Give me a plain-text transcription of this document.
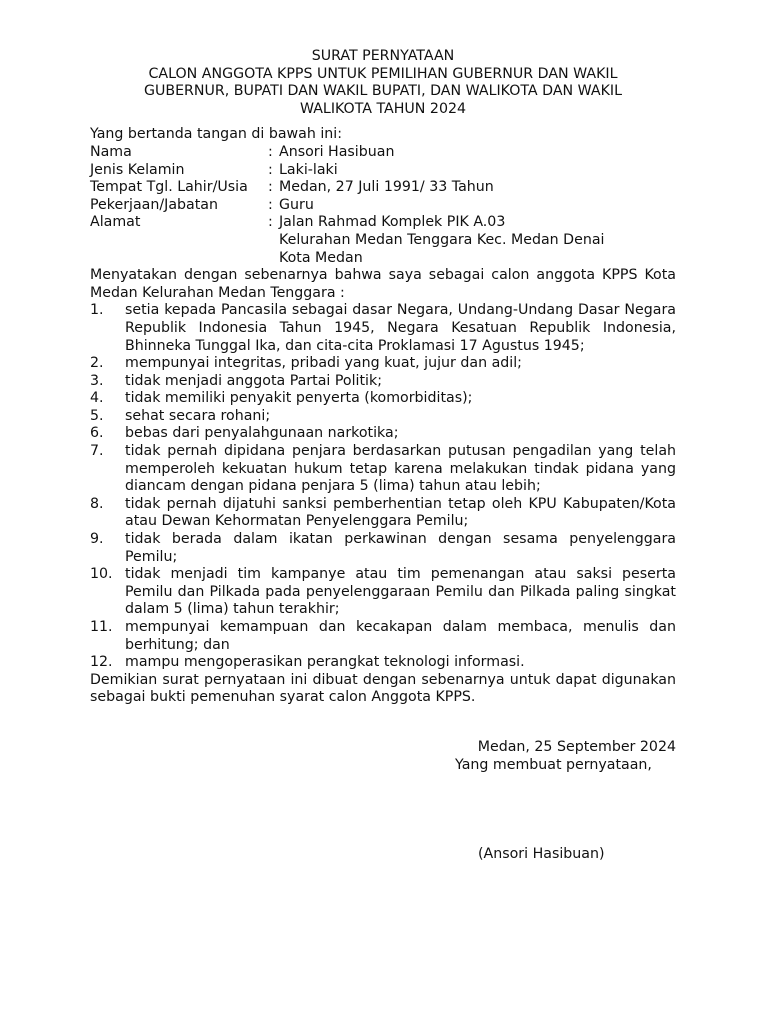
SURAT PERNYATAAN
CALON ANGGOTA KPPS UNTUK PEMILIHAN GUBERNUR DAN WAKIL
GUBERNUR, BUPATI DAN WAKIL BUPATI, DAN WALIKOTA DAN WAKIL
WALIKOTA TAHUN 2024

Yang bertanda tangan di bawah ini:

Nama	: Ansori Hasibuan
Jenis Kelamin	: Laki-laki
Tempat Tgl. Lahir/Usia	: Medan, 27 Juli 1991/ 33 Tahun
Pekerjaan/Jabatan	: Guru
Alamat	: Jalan Rahmad Komplek PIK A.03

Kelurahan Medan Tenggara Kec. Medan Denai

Kota Medan

Menyatakan dengan sebenarnya bahwa saya sebagai calon anggota KPPS Kota Medan Kelurahan Medan Tenggara :

1.	setia kepada Pancasila sebagai dasar Negara, Undang-Undang Dasar Negara Republik Indonesia Tahun 1945, Negara Kesatuan Republik Indonesia, Bhinneka Tunggal Ika, dan cita-cita Proklamasi 17 Agustus 1945;
2.	mempunyai integritas, pribadi yang kuat, jujur dan adil;
3.	tidak menjadi anggota Partai Politik;
4.	tidak memiliki penyakit penyerta (komorbiditas);
5.	sehat secara rohani;
6.	bebas dari penyalahgunaan narkotika;
7.	tidak pernah dipidana penjara berdasarkan putusan pengadilan yang telah memperoleh kekuatan hukum tetap karena melakukan tindak pidana yang diancam dengan pidana penjara 5 (lima) tahun atau lebih;
8.	tidak pernah dijatuhi sanksi pemberhentian tetap oleh KPU Kabupaten/Kota atau Dewan Kehormatan Penyelenggara Pemilu;
9.	tidak berada dalam ikatan perkawinan dengan sesama penyelenggara Pemilu;
10. tidak menjadi tim kampanye atau tim pemenangan atau saksi peserta Pemilu dan Pilkada pada penyelenggaraan Pemilu dan Pilkada paling singkat dalam 5 (lima) tahun terakhir;
11. mempunyai kemampuan dan kecakapan dalam membaca, menulis dan berhitung; dan
12. mampu mengoperasikan perangkat teknologi informasi.

Demikian surat pernyataan ini dibuat dengan sebenarnya untuk dapat digunakan sebagai bukti pemenuhan syarat calon Anggota KPPS.

Medan, 25 September 2024
Yang membuat pernyataan,
(Ansori Hasibuan)
